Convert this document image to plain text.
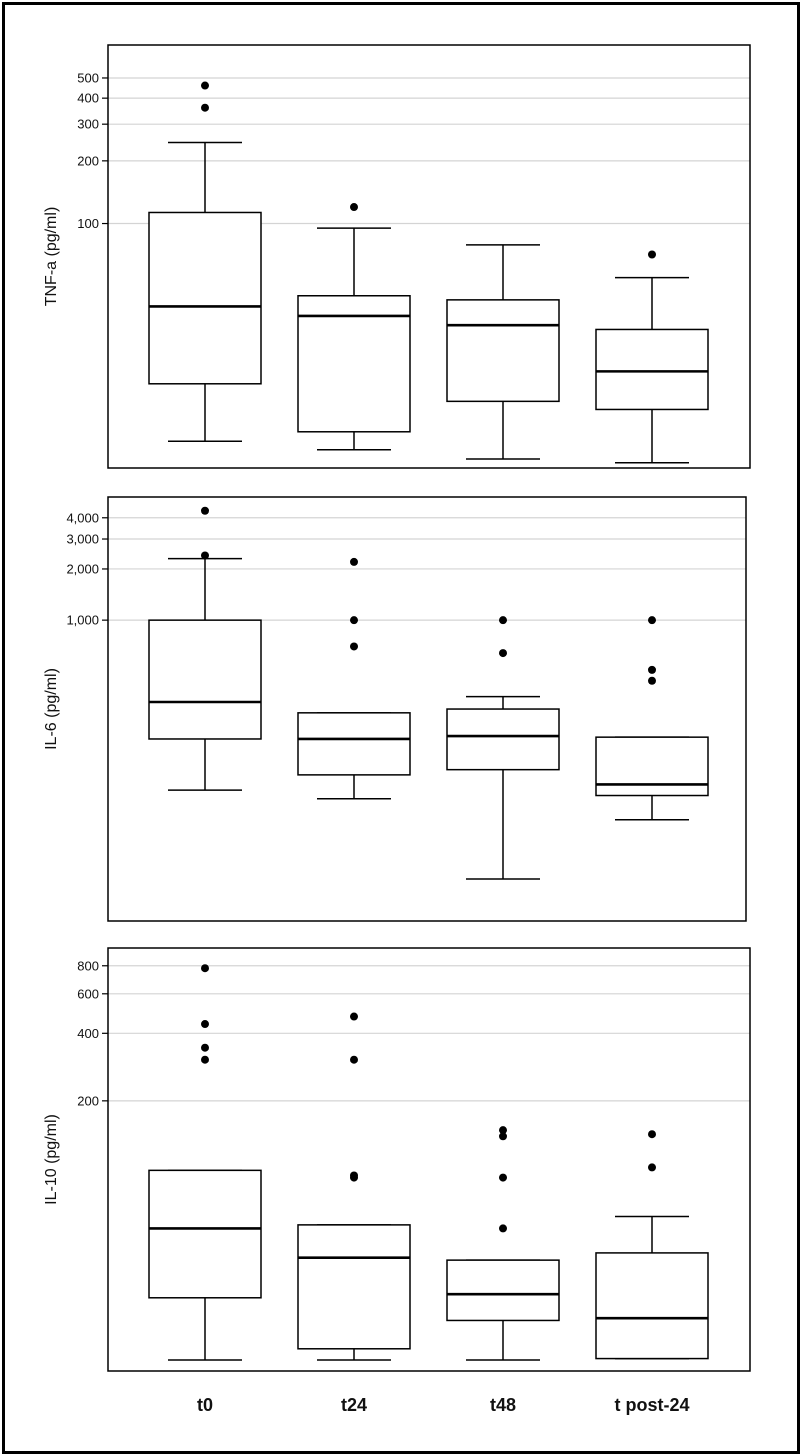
100
200
300
400
500
TNF-a (pg/ml)
1,000
2,000
3,000
4,000
IL-6 (pg/ml)
200
400
600
800
IL-10 (pg/ml)
t0	t24	t48	t post-24
